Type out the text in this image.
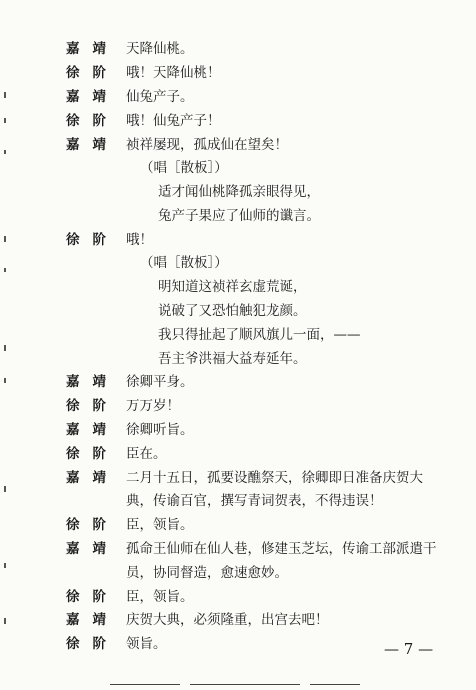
嘉靖 天降仙桃。
徐阶 哦！天降仙桃！
嘉靖 仙兔产子。
徐阶 哦！仙兔产子！
嘉靖 祯祥屡现，孤成仙在望矣！
（唱［散板］）
适才闻仙桃降孤亲眼得见，
兔产子果应了仙师的谶言。
徐阶 哦！
（唱［散板］）
明知道这祯祥玄虚荒诞，
说破了又恐怕触犯龙颜。
我只得扯起了顺风旗儿一面，——
吾主爷洪福大益寿延年。
嘉靖 徐卿平身。
徐阶 万万岁！
嘉靖 徐卿听旨。
徐阶 臣在。
嘉靖 二月十五日，孤要设醮祭天，徐卿即日准备庆贺大
典，传谕百官，撰写青词贺表，不得违误！
徐阶 臣，领旨。
嘉靖 孤命王仙师在仙人巷，修建玉芝坛，传谕工部派遣干
员，协同督造，愈速愈妙。
徐阶 臣，领旨。
嘉靖 庆贺大典，必须隆重，出宫去吧！
徐阶 领旨。	— 7 —
